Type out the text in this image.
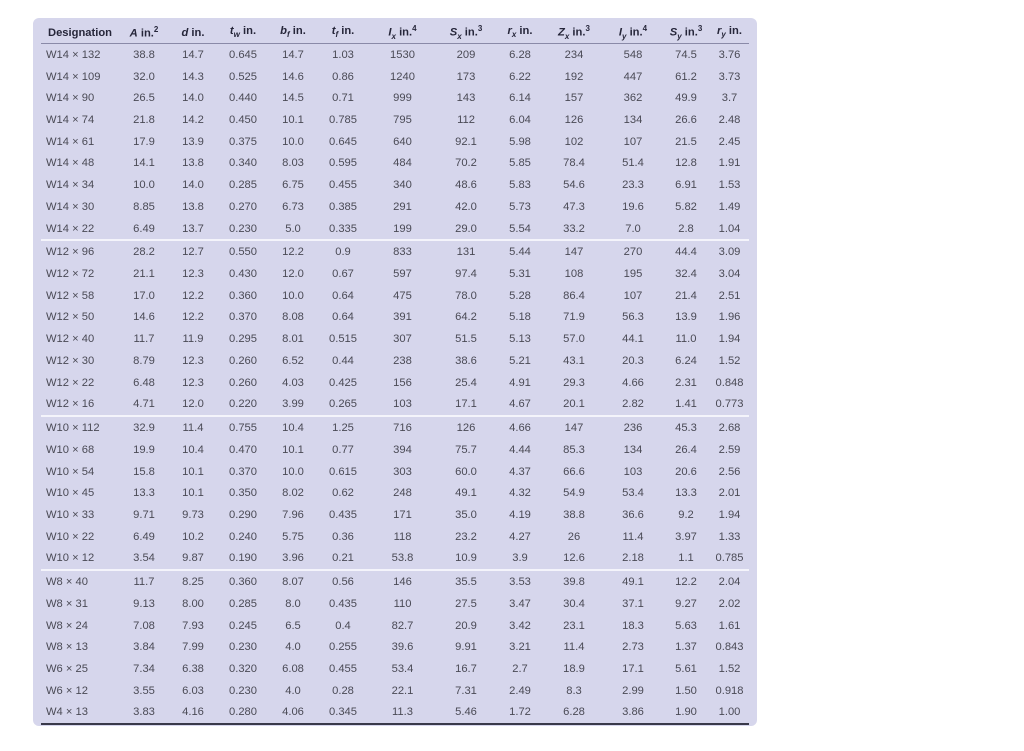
Designation	A in.$^2$	d in.	$t_w$ in.	$b_f$ in.	$t_f$ in.	$I_x$ in.$^4$	$S_x$ in.$^3$	$r_x$ in.	$Z_x$ in.$^3$	$I_y$ in.$^4$	$S_y$ in.$^3$	$r_y$ in.
W14 × 132	38.8	14.7	0.645	14.7	1.03	1530	209	6.28	234	548	74.5	3.76
W14 × 109	32.0	14.3	0.525	14.6	0.86	1240	173	6.22	192	447	61.2	3.73
W14 × 90	26.5	14.0	0.440	14.5	0.71	999	143	6.14	157	362	49.9	3.7
W14 × 74	21.8	14.2	0.450	10.1	0.785	795	112	6.04	126	134	26.6	2.48
W14 × 61	17.9	13.9	0.375	10.0	0.645	640	92.1	5.98	102	107	21.5	2.45
W14 × 48	14.1	13.8	0.340	8.03	0.595	484	70.2	5.85	78.4	51.4	12.8	1.91
W14 × 34	10.0	14.0	0.285	6.75	0.455	340	48.6	5.83	54.6	23.3	6.91	1.53
W14 × 30	8.85	13.8	0.270	6.73	0.385	291	42.0	5.73	47.3	19.6	5.82	1.49
W14 × 22	6.49	13.7	0.230	5.0	0.335	199	29.0	5.54	33.2	7.0	2.8	1.04
W12 × 96	28.2	12.7	0.550	12.2	0.9	833	131	5.44	147	270	44.4	3.09
W12 × 72	21.1	12.3	0.430	12.0	0.67	597	97.4	5.31	108	195	32.4	3.04
W12 × 58	17.0	12.2	0.360	10.0	0.64	475	78.0	5.28	86.4	107	21.4	2.51
W12 × 50	14.6	12.2	0.370	8.08	0.64	391	64.2	5.18	71.9	56.3	13.9	1.96
W12 × 40	11.7	11.9	0.295	8.01	0.515	307	51.5	5.13	57.0	44.1	11.0	1.94
W12 × 30	8.79	12.3	0.260	6.52	0.44	238	38.6	5.21	43.1	20.3	6.24	1.52
W12 × 22	6.48	12.3	0.260	4.03	0.425	156	25.4	4.91	29.3	4.66	2.31	0.848
W12 × 16	4.71	12.0	0.220	3.99	0.265	103	17.1	4.67	20.1	2.82	1.41	0.773
W10 × 112	32.9	11.4	0.755	10.4	1.25	716	126	4.66	147	236	45.3	2.68
W10 × 68	19.9	10.4	0.470	10.1	0.77	394	75.7	4.44	85.3	134	26.4	2.59
W10 × 54	15.8	10.1	0.370	10.0	0.615	303	60.0	4.37	66.6	103	20.6	2.56
W10 × 45	13.3	10.1	0.350	8.02	0.62	248	49.1	4.32	54.9	53.4	13.3	2.01
W10 × 33	9.71	9.73	0.290	7.96	0.435	171	35.0	4.19	38.8	36.6	9.2	1.94
W10 × 22	6.49	10.2	0.240	5.75	0.36	118	23.2	4.27	26	11.4	3.97	1.33
W10 × 12	3.54	9.87	0.190	3.96	0.21	53.8	10.9	3.9	12.6	2.18	1.1	0.785
W8 × 40	11.7	8.25	0.360	8.07	0.56	146	35.5	3.53	39.8	49.1	12.2	2.04
W8 × 31	9.13	8.00	0.285	8.0	0.435	110	27.5	3.47	30.4	37.1	9.27	2.02
W8 × 24	7.08	7.93	0.245	6.5	0.4	82.7	20.9	3.42	23.1	18.3	5.63	1.61
W8 × 13	3.84	7.99	0.230	4.0	0.255	39.6	9.91	3.21	11.4	2.73	1.37	0.843
W6 × 25	7.34	6.38	0.320	6.08	0.455	53.4	16.7	2.7	18.9	17.1	5.61	1.52
W6 × 12	3.55	6.03	0.230	4.0	0.28	22.1	7.31	2.49	8.3	2.99	1.50	0.918
W4 × 13	3.83	4.16	0.280	4.06	0.345	11.3	5.46	1.72	6.28	3.86	1.90	1.00
